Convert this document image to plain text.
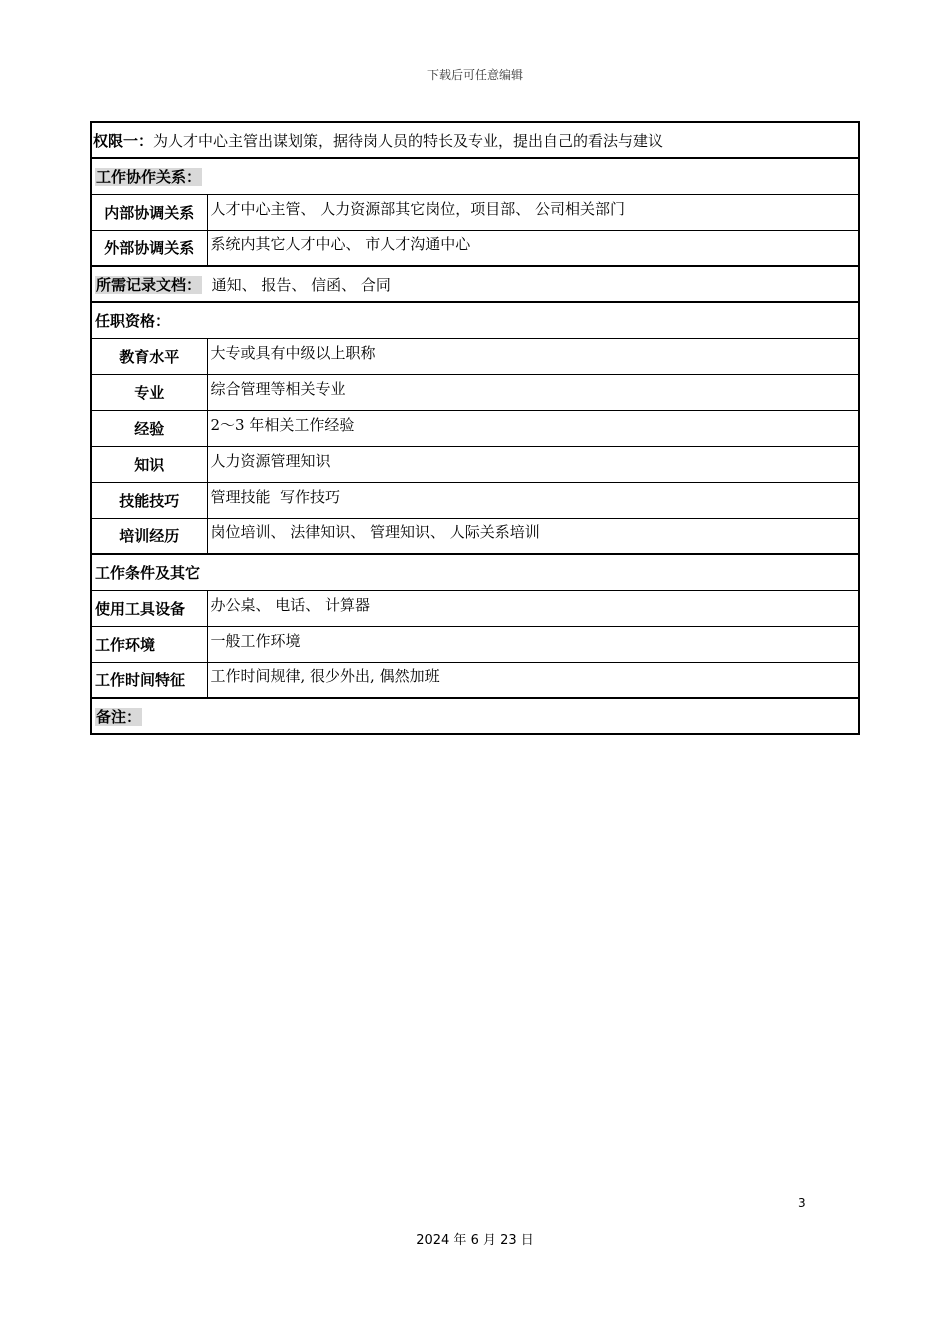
下载后可任意编辑
权限一：为人才中心主管出谋划策，据待岗人员的特长及专业，提出自己的看法与建议	
工作协作关系：	
内部协调关系	人才中心主管、 人力资源部其它岗位，项目部、 公司相关部门
外部协调关系	系统内其它人才中心、 市人才沟通中心
所需记录文档： 通知、 报告、 信函、 合同	
任职资格：	
教育水平	大专或具有中级以上职称
专业	综合管理等相关专业
经验	2～3 年相关工作经验
知识	人力资源管理知识
技能技巧	管理技能  写作技巧
培训经历	岗位培训、 法律知识、 管理知识、 人际关系培训
工作条件及其它	
使用工具设备	办公桌、 电话、 计算器
工作环境	一般工作环境
工作时间特征	工作时间规律, 很少外出, 偶然加班
备注：	
3
2024 年 6 月 23 日
